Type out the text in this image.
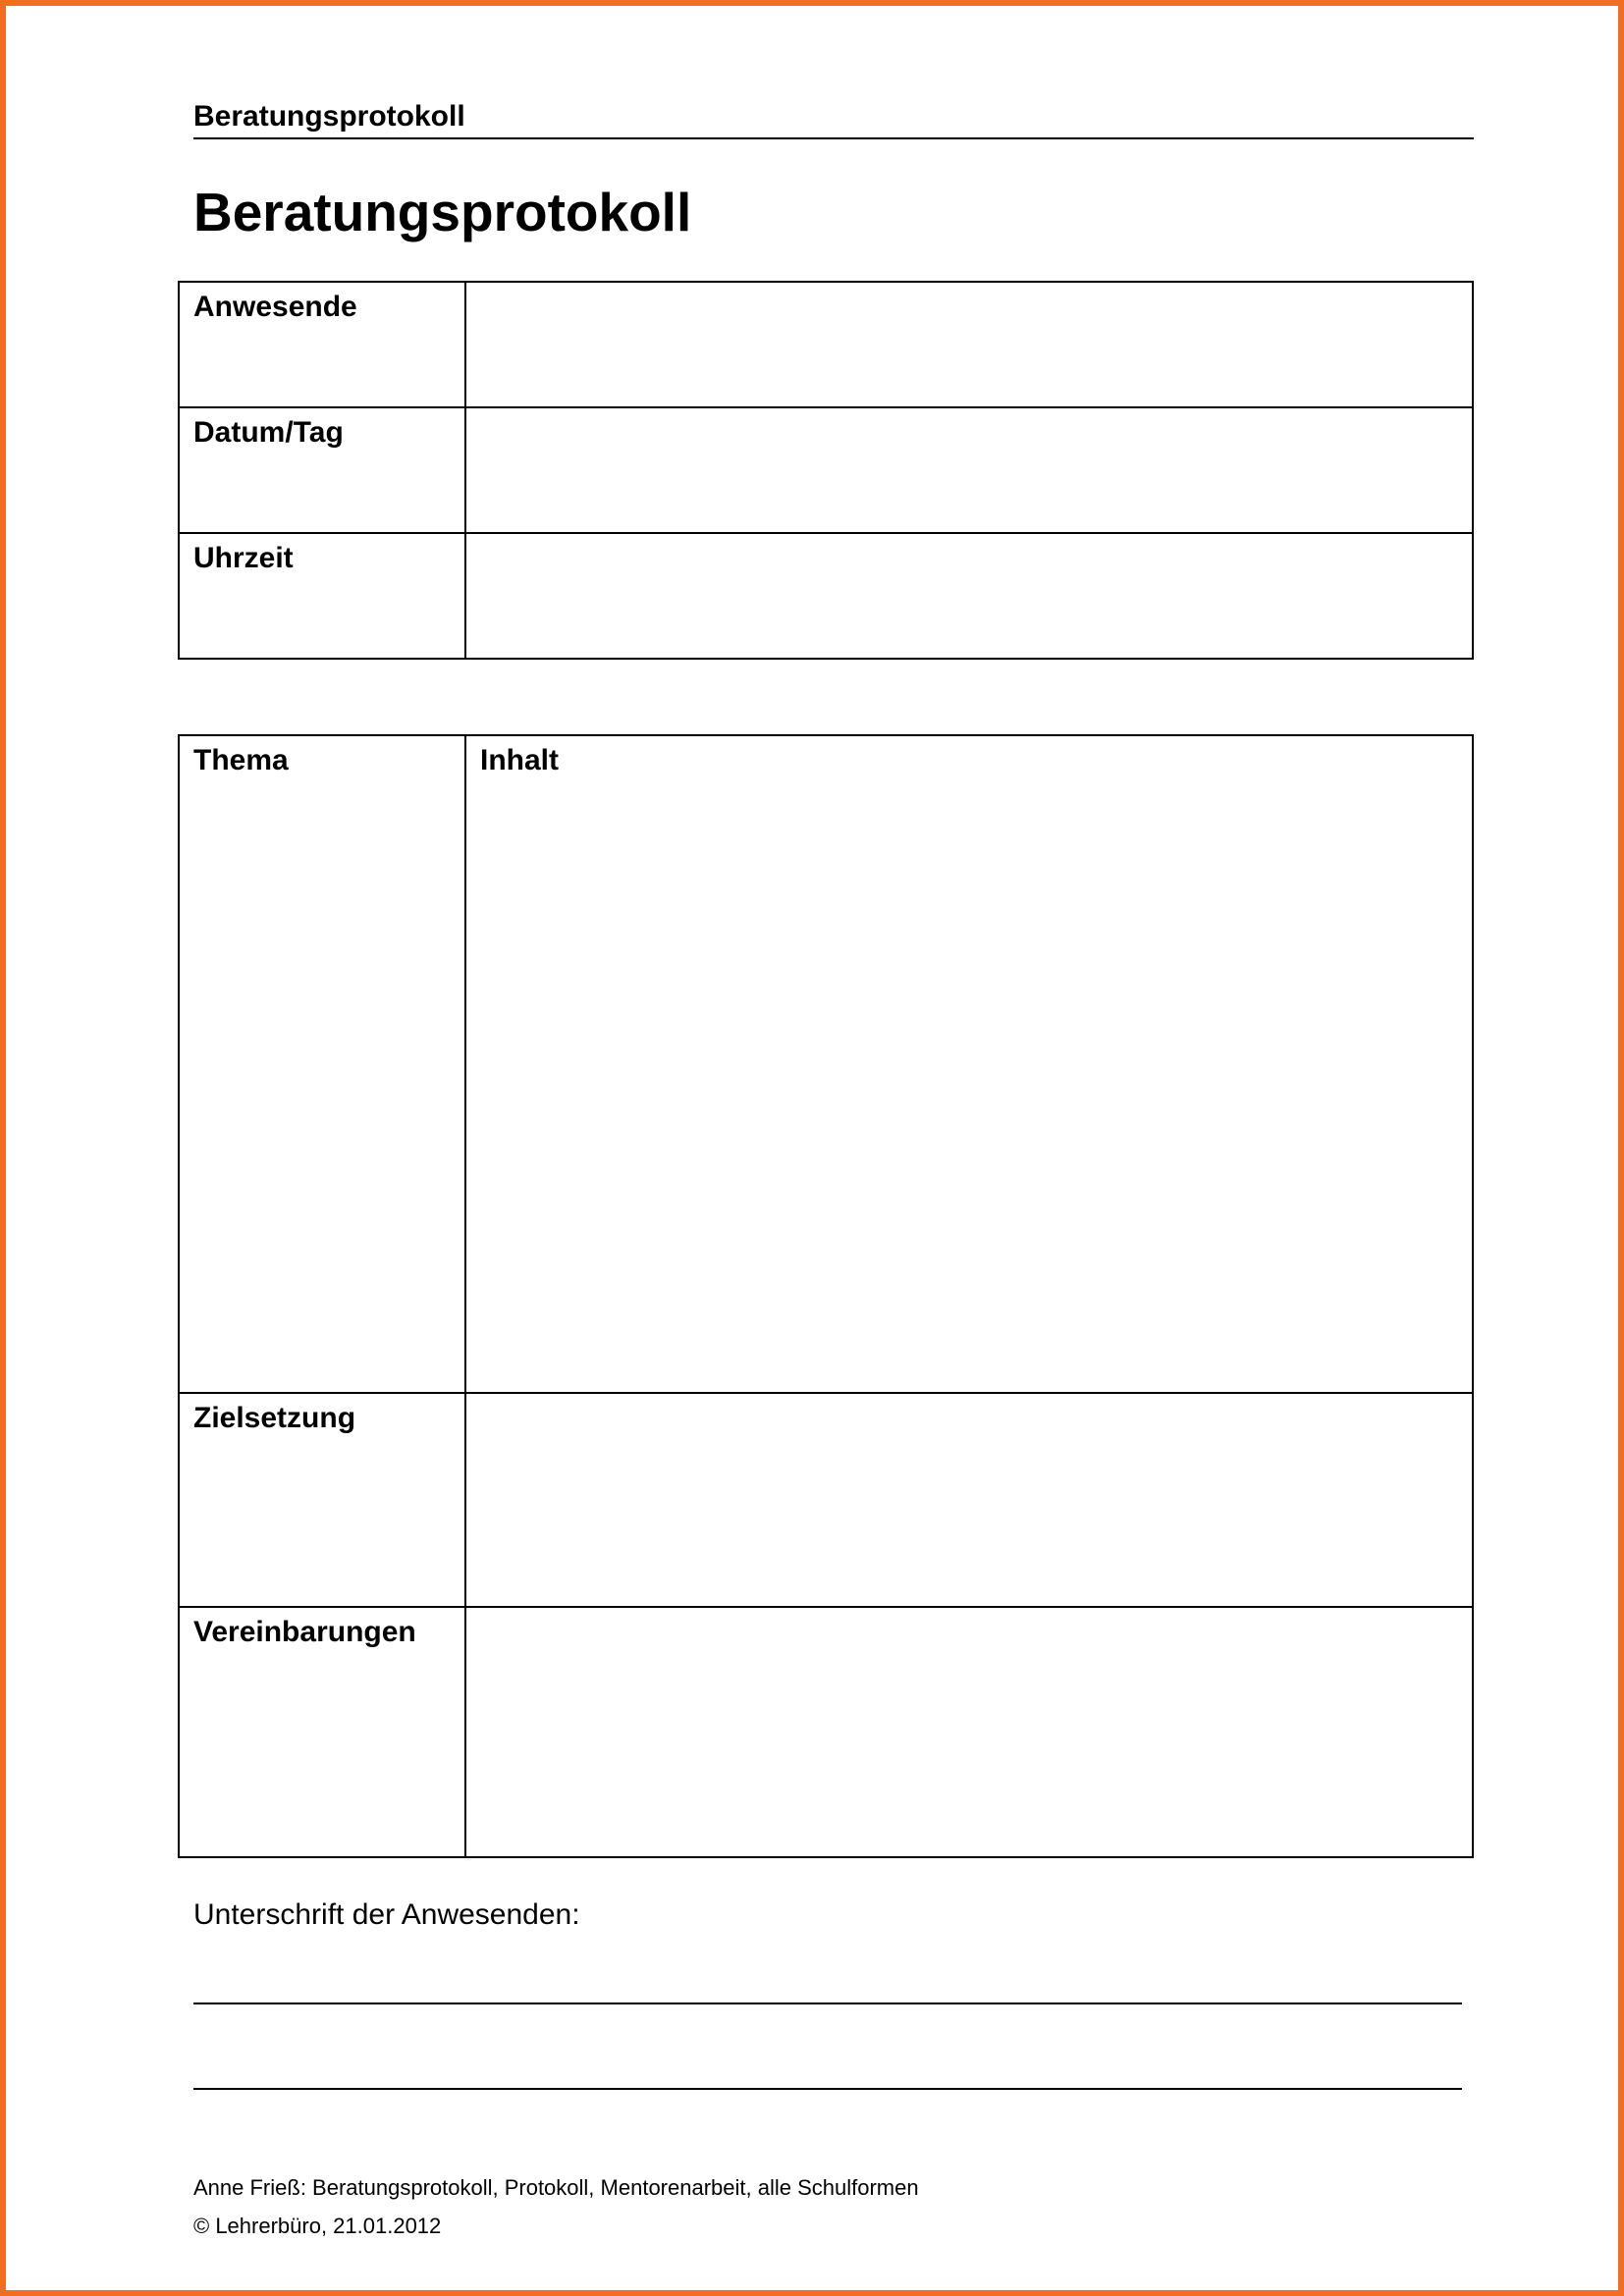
Beratungsprotokoll
Beratungsprotokoll
Anwesende	

Datum/Tag	

Uhrzeit	

Thema	Inhalt

Zielsetzung	

Vereinbarungen	

Unterschrift der Anwesenden:
Anne Frieß: Beratungsprotokoll, Protokoll, Mentorenarbeit, alle Schulformen
© Lehrerbüro, 21.01.2012
